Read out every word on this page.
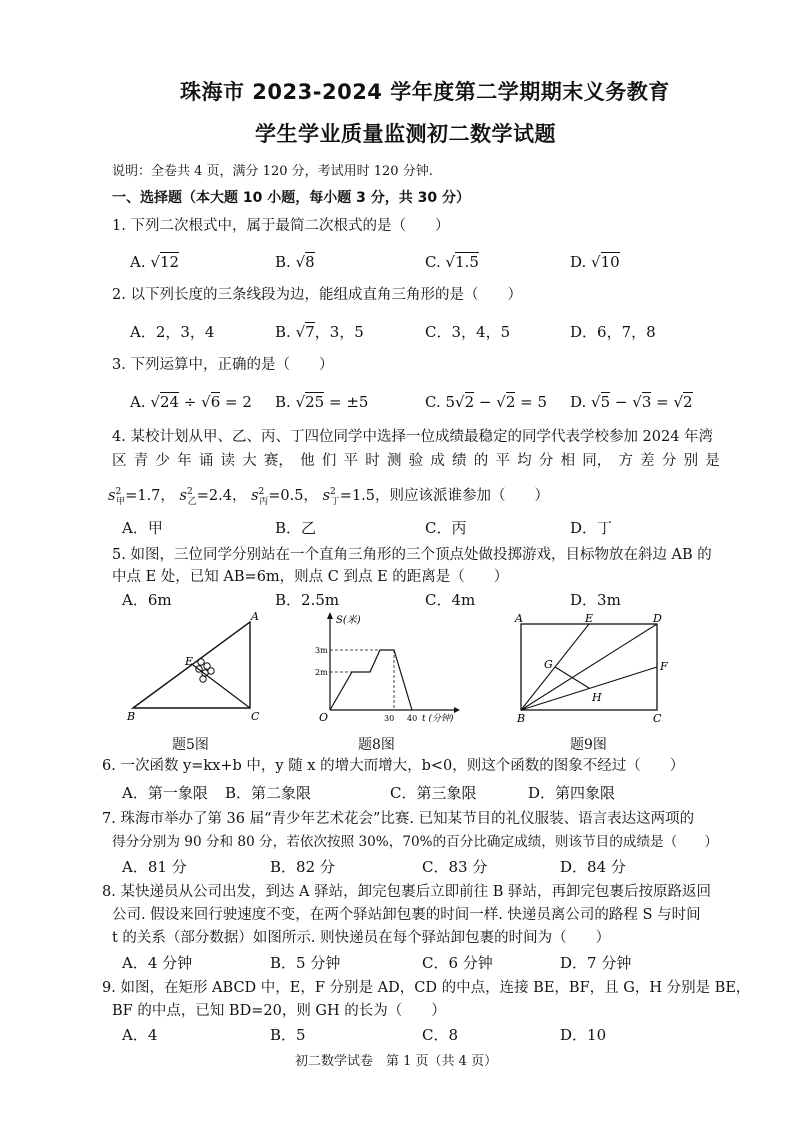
珠海市 2023-2024 学年度第二学期期末义务教育
学生学业质量监测初二数学试题
说明：全卷共 4 页，满分 120 分，考试用时 120 分钟.
一、选择题（本大题 10 小题，每小题 3 分，共 30 分）
1. 下列二次根式中，属于最简二次根式的是（　　）
A. √12	B. √8	C. √1.5	D. √10
2. 以下列长度的三条线段为边，能组成直角三角形的是（　　）
A．2，3，4	B. √7，3，5	C．3，4，5	D．6，7，8
3. 下列运算中，正确的是（　　）
A. √24 ÷ √6 = 2 B. √25 = ±5	C. 5√2 − √2 = 5 D. √5 − √3 = √2
4. 某校计划从甲、乙、丙、丁四位同学中选择一位成绩最稳定的同学代表学校参加 2024 年湾
区 青 少 年 诵 读 大 赛， 他 们 平 时 测 验 成 绩 的 平 均 分 相 同， 方 差 分 别 是
$s^2_甲=1.7$， $s^2_乙=2.4$， $s^2_丙=0.5$， $s^2_丁=1.5$，则应该派谁参加（　　）
A．甲	B．乙	C．丙	D．丁
5. 如图，三位同学分别站在一个直角三角形的三个顶点处做投掷游戏，目标物放在斜边 AB 的
中点 E 处，已知 AB=6m，则点 C 到点 E 的距离是（　　）
A．6m	B．2.5m	C．4m	D．3m
A
B	C
E
题5图
S(米)
3m
2m
30 40 t (分钟)
O
题8图
A	E	D
G	F
H
B	C
题9图
6. 一次函数 y=kx+b 中，y 随 x 的增大而增大，b<0，则这个函数的图象不经过（　　）
A．第一象限 B．第二象限	C．第三象限	D．第四象限
7. 珠海市举办了第 36 届“青少年艺术花会”比赛. 已知某节目的礼仪服装、语言表达这两项的
得分分别为 90 分和 80 分，若依次按照 30%，70%的百分比确定成绩，则该节目的成绩是（　　）
A．81 分	B．82 分	C．83 分	D．84 分
8. 某快递员从公司出发，到达 A 驿站，卸完包裹后立即前往 B 驿站，再卸完包裹后按原路返回
公司. 假设来回行驶速度不变，在两个驿站卸包裹的时间一样. 快递员离公司的路程 S 与时间
t 的关系（部分数据）如图所示. 则快递员在每个驿站卸包裹的时间为（　　）
A．4 分钟	B．5 分钟	C．6 分钟	D．7 分钟
9. 如图，在矩形 ABCD 中，E，F 分别是 AD，CD 的中点，连接 BE，BF，且 G，H 分别是 BE，
BF 的中点，已知 BD=20，则 GH 的长为（　　）
A．4	B．5	C．8	D．10
初二数学试卷　第 1 页（共 4 页）
